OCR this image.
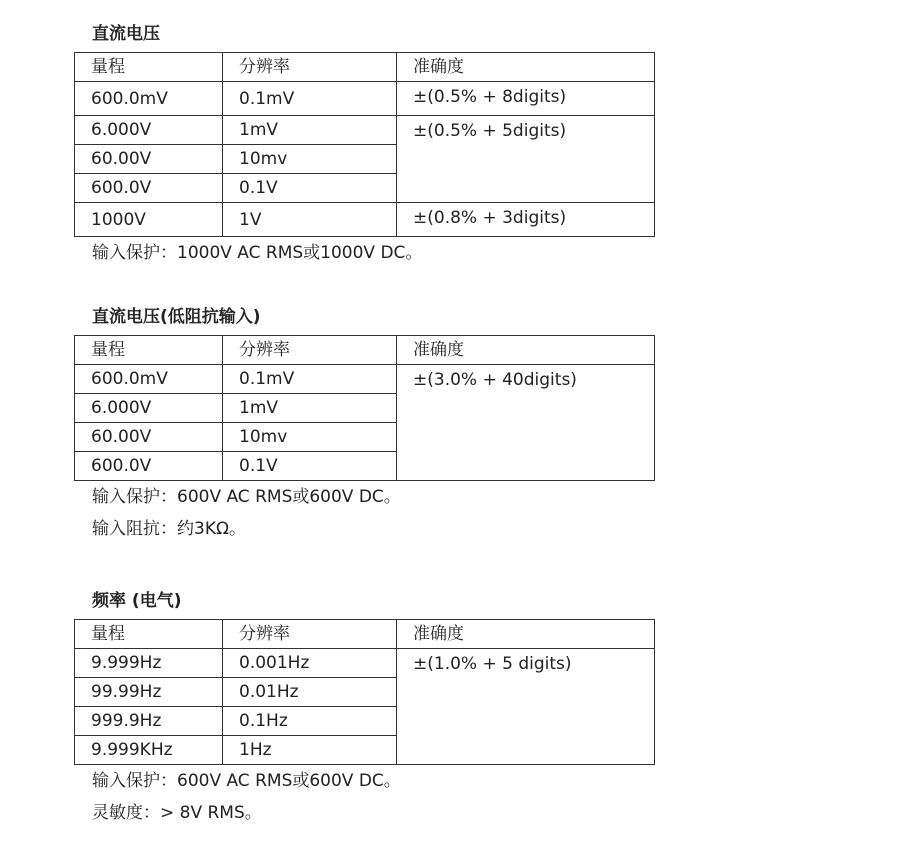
直流电压
量程	分辨率	准确度
600.0mV	0.1mV	±(0.5% + 8digits)
6.000V	1mV	±(0.5% + 5digits)
60.00V	10mv	
600.0V	0.1V	
1000V	1V	±(0.8% + 3digits)
输入保护：1000V AC RMS或1000V DC。
直流电压(低阻抗输入)
量程	分辨率	准确度
600.0mV	0.1mV	±(3.0% + 40digits)
6.000V	1mV	
60.00V	10mv	
600.0V	0.1V	
输入保护：600V AC RMS或600V DC。
输入阻抗：约3KΩ。
频率 (电气)
量程	分辨率	准确度
9.999Hz	0.001Hz	±(1.0% + 5 digits)
99.99Hz	0.01Hz	
999.9Hz	0.1Hz	
9.999KHz	1Hz	
输入保护：600V AC RMS或600V DC。
灵敏度：> 8V RMS。
